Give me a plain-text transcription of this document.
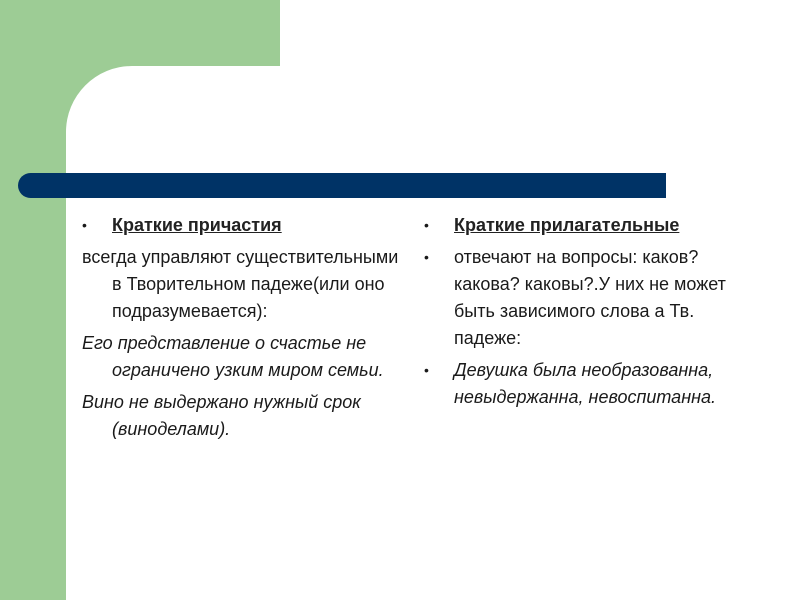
• Краткие причастия
всегда управляют существительными в Творительном падеже(или оно подразумевается):
Его представление о счастье не ограничено узким миром семьи.
Вино не выдержано нужный срок (виноделами).
• Краткие прилагательные
• отвечают на вопросы: каков? какова? каковы?.У них не может быть зависимого слова а Тв. падеже:
• Девушка была необразованна, невыдержанна, невоспитанна.
